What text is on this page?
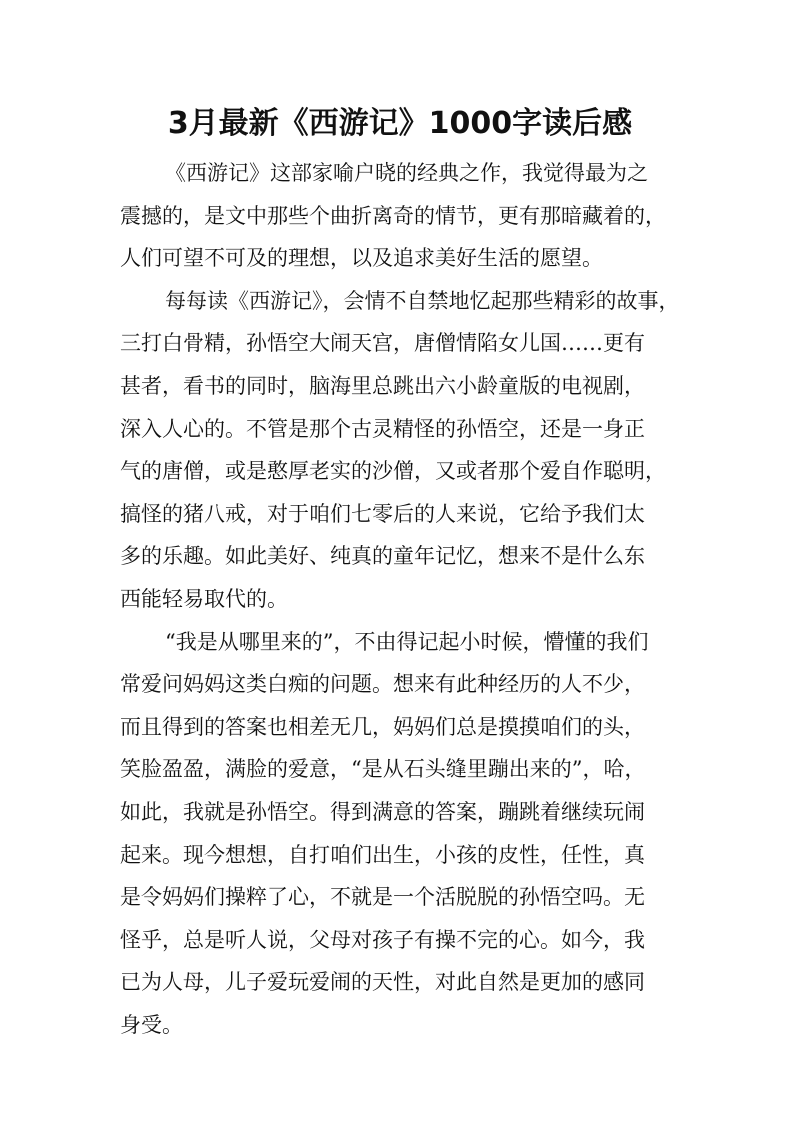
3月最新《西游记》1000字读后感
《西游记》这部家喻户晓的经典之作，我觉得最为之
震撼的，是文中那些个曲折离奇的情节，更有那暗藏着的，
人们可望不可及的理想，以及追求美好生活的愿望。
每每读《西游记》，会情不自禁地忆起那些精彩的故事，
三打白骨精，孙悟空大闹天宫，唐僧情陷女儿国……更有
甚者，看书的同时，脑海里总跳出六小龄童版的电视剧，
深入人心的。不管是那个古灵精怪的孙悟空，还是一身正
气的唐僧，或是憨厚老实的沙僧，又或者那个爱自作聪明，
搞怪的猪八戒，对于咱们七零后的人来说，它给予我们太
多的乐趣。如此美好、纯真的童年记忆，想来不是什么东
西能轻易取代的。
“我是从哪里来的”，不由得记起小时候，懵懂的我们
常爱问妈妈这类白痴的问题。想来有此种经历的人不少，
而且得到的答案也相差无几，妈妈们总是摸摸咱们的头，
笑脸盈盈，满脸的爱意，“是从石头缝里蹦出来的”，哈，
如此，我就是孙悟空。得到满意的答案，蹦跳着继续玩闹
起来。现今想想，自打咱们出生，小孩的皮性，任性，真
是令妈妈们操粹了心，不就是一个活脱脱的孙悟空吗。无
怪乎，总是听人说，父母对孩子有操不完的心。如今，我
已为人母，儿子爱玩爱闹的天性，对此自然是更加的感同
身受。
